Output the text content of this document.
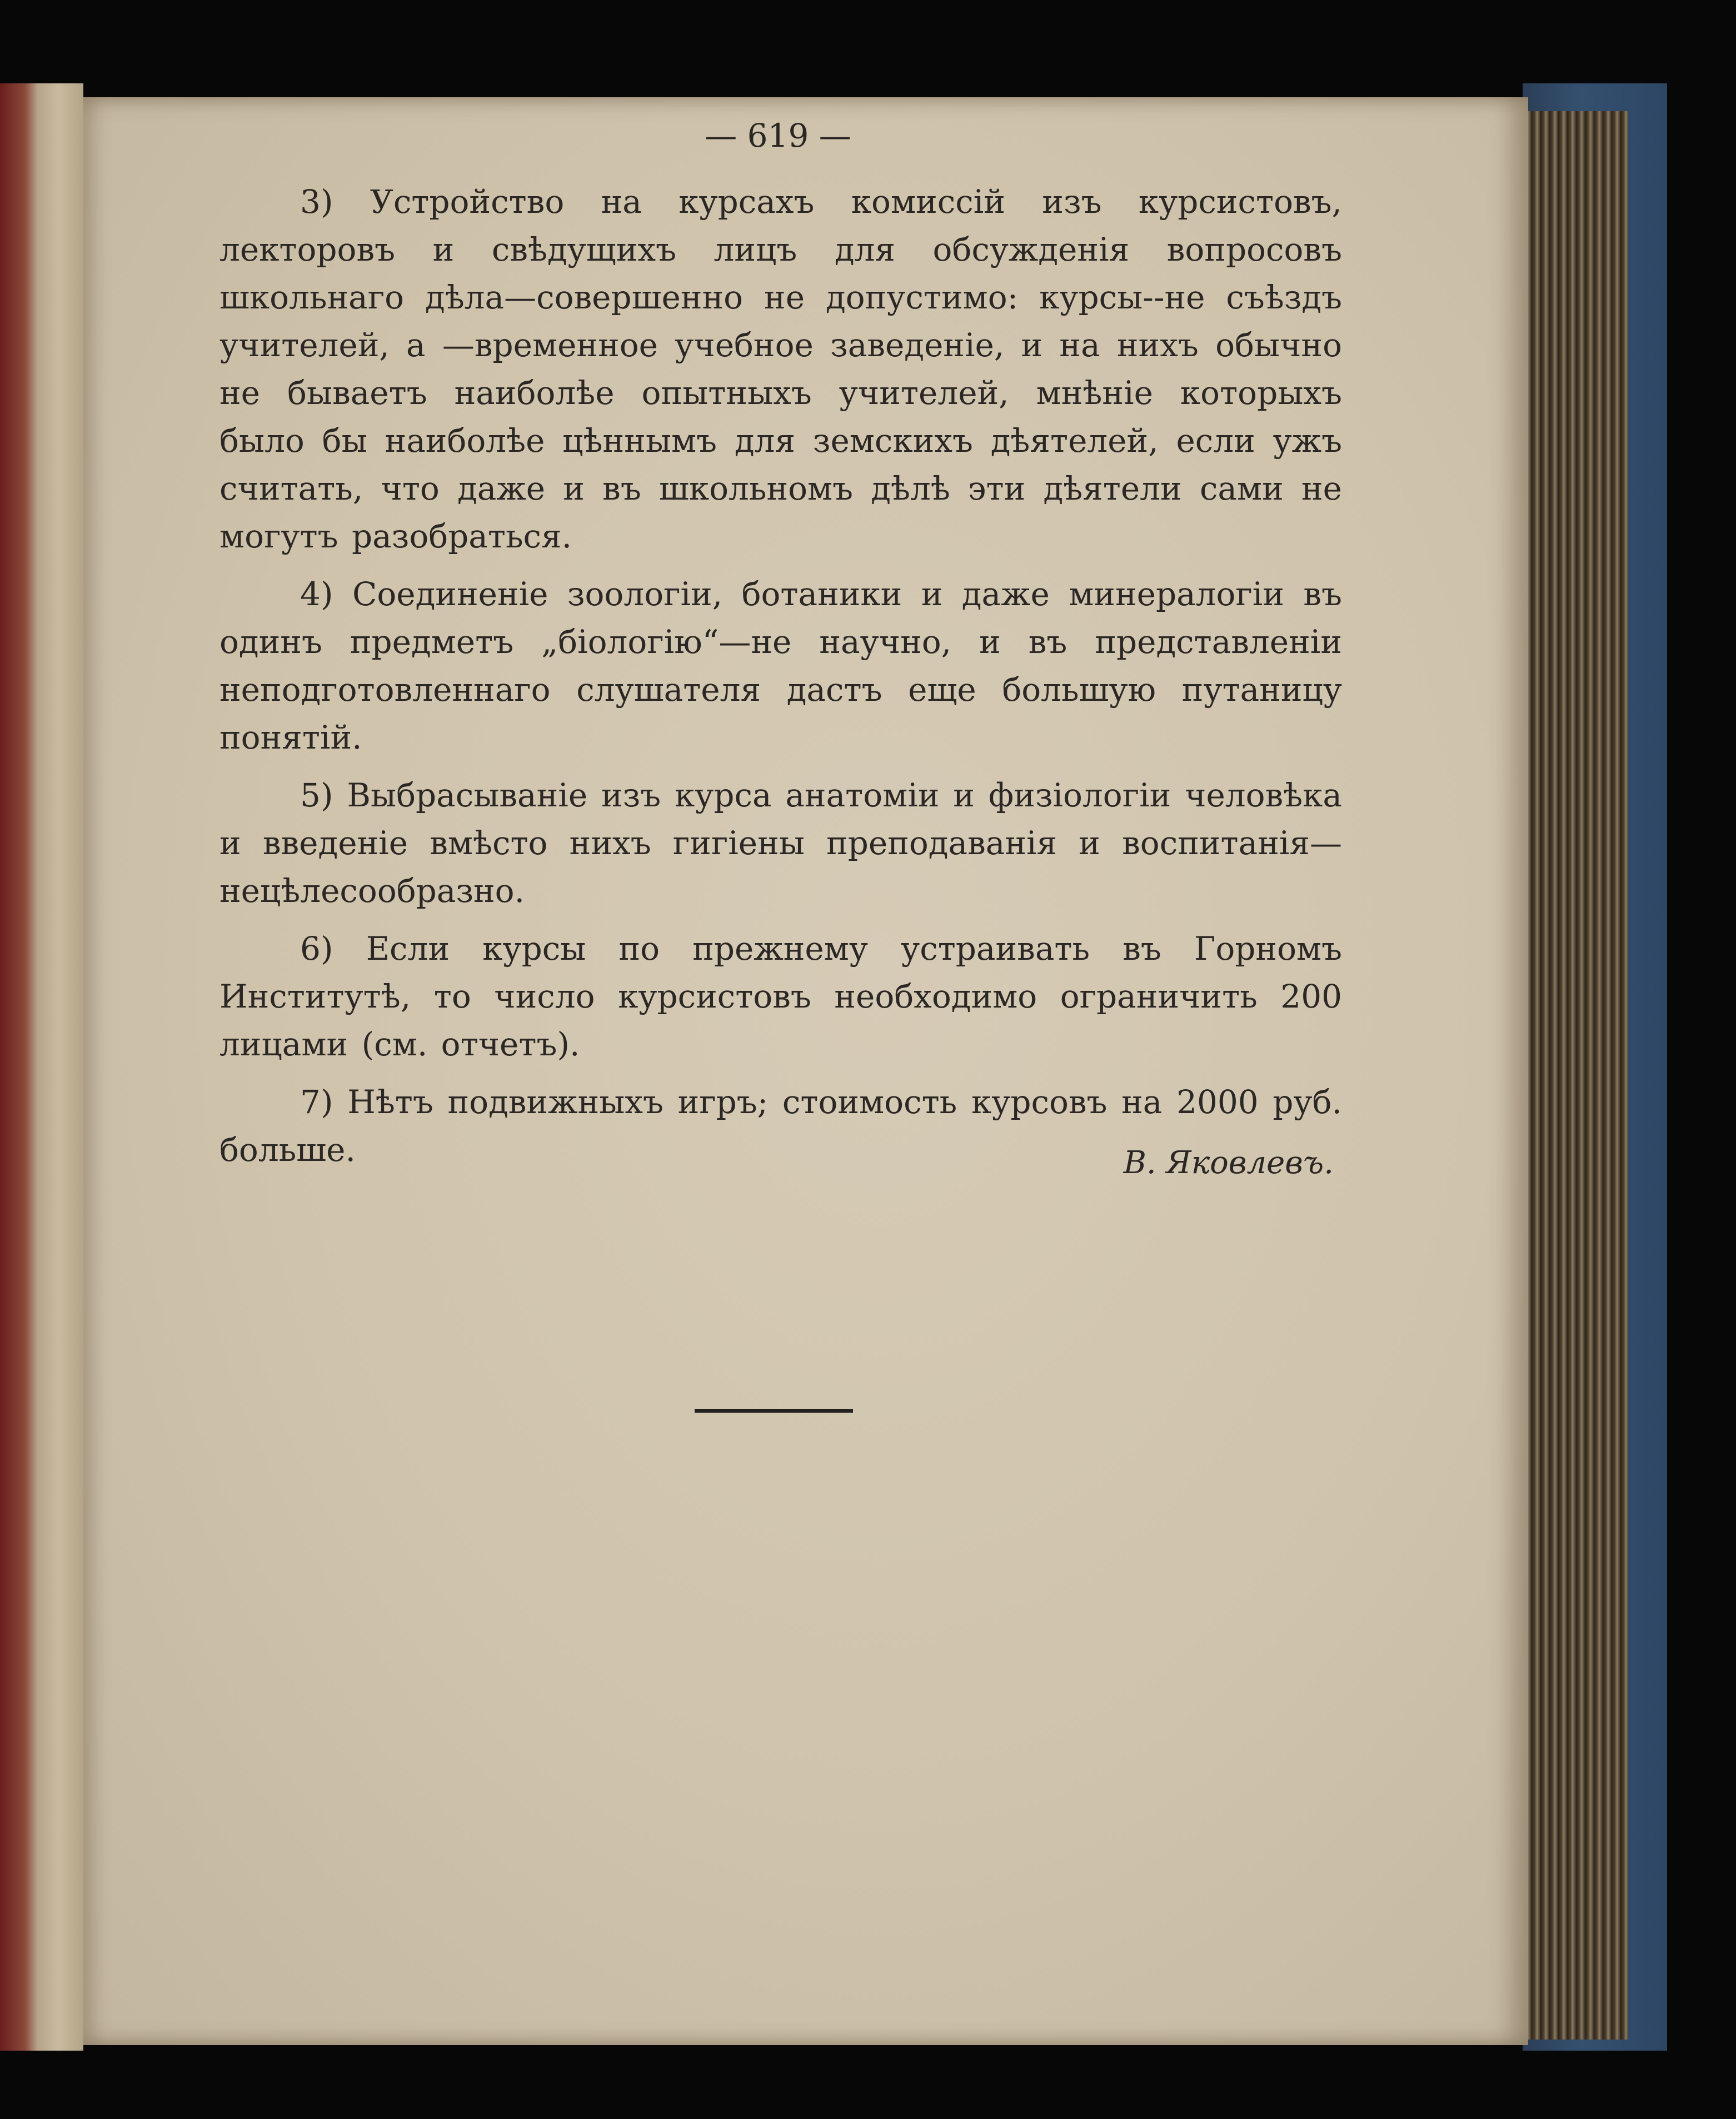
— 619 —

3) Устройство на курсахъ комиссій изъ курсистовъ, лекторовъ и свѣдущихъ лицъ для обсужденія вопросовъ школьнаго дѣла—совершенно не допустимо: курсы--не съѣздъ учителей, а —временное учебное заведеніе, и на нихъ обычно не бываетъ наиболѣе опытныхъ учителей, мнѣніе которыхъ было бы наиболѣе цѣннымъ для земскихъ дѣятелей, если ужъ считать, что даже и въ школьномъ дѣлѣ эти дѣятели сами не могутъ разобраться.

4) Соединеніе зоологіи, ботаники и даже минералогіи въ одинъ предметъ „біологію“—не научно, и въ представленіи неподготовленнаго слушателя дастъ еще большую путаницу понятій.

5) Выбрасываніе изъ курса анатоміи и физіологіи человѣка и введеніе вмѣсто нихъ гигіены преподаванія и воспитанія—нецѣлесообразно.

6) Если курсы по прежнему устраивать въ Горномъ Институтѣ, то число курсистовъ необходимо ограничить 200 лицами (см. отчетъ).

7) Нѣтъ подвижныхъ игръ; стоимость курсовъ на 2000 руб. больше.	В. Яковлевъ.
